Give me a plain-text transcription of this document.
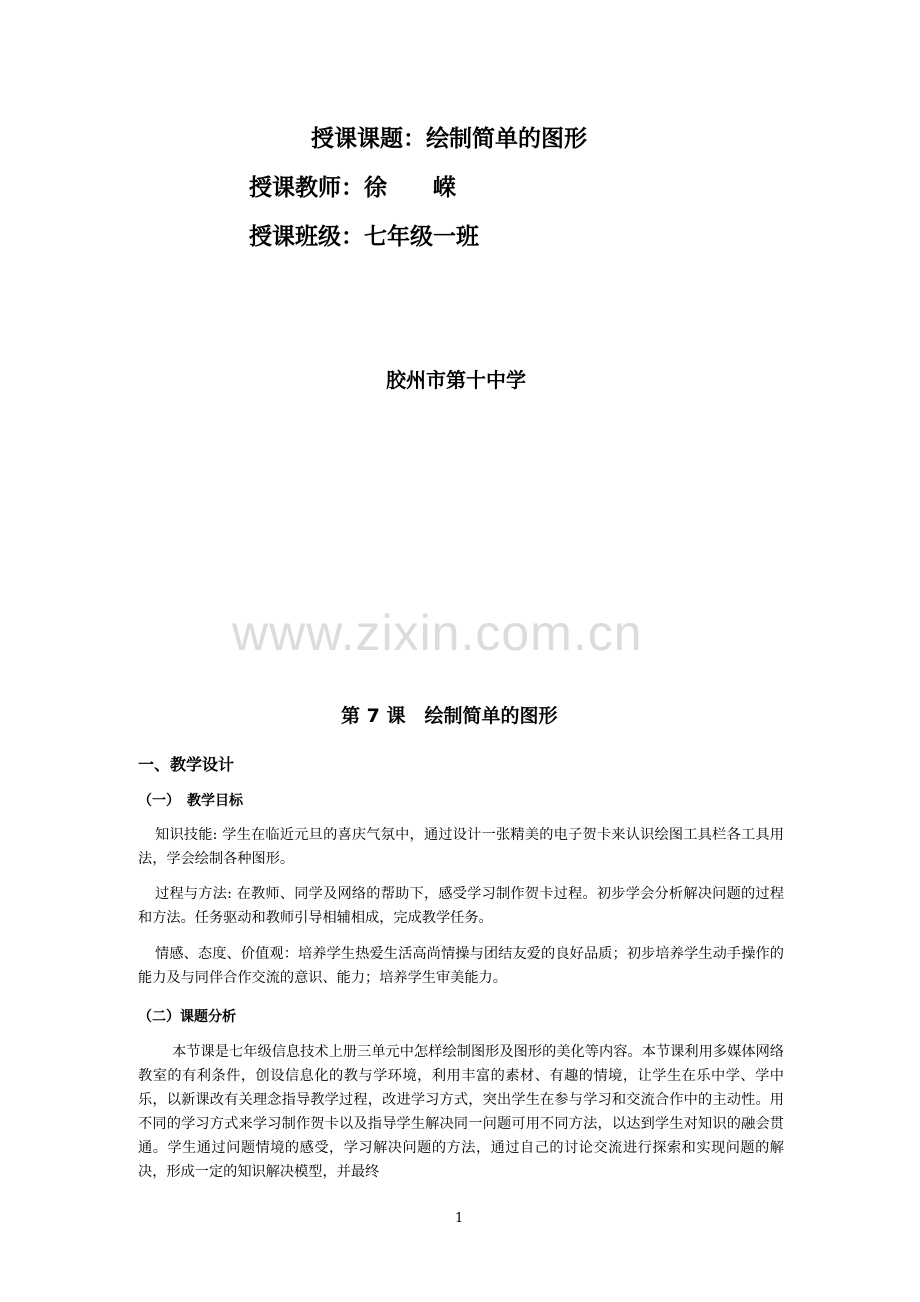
授课课题：绘制简单的图形
授课教师：徐　　嵘
授课班级：七年级一班
胶州市第十中学
www.zixin.com.cn
第 7 课　绘制简单的图形
一、教学设计
（一）　教学目标
知识技能: 学生在临近元旦的喜庆气氛中，通过设计一张精美的电子贺卡来认识绘图工具栏各工具用法，学会绘制各种图形。
过程与方法: 在教师、同学及网络的帮助下，感受学习制作贺卡过程。初步学会分析解决问题的过程和方法。任务驱动和教师引导相辅相成，完成教学任务。
情感、态度、价值观：培养学生热爱生活高尚情操与团结友爱的良好品质；初步培养学生动手操作的能力及与同伴合作交流的意识、能力；培养学生审美能力。
（二）课题分析
本节课是七年级信息技术上册三单元中怎样绘制图形及图形的美化等内容。本节课利用多媒体网络教室的有利条件，创设信息化的教与学环境，利用丰富的素材、有趣的情境，让学生在乐中学、学中乐，以新课改有关理念指导教学过程，改进学习方式，突出学生在参与学习和交流合作中的主动性。用不同的学习方式来学习制作贺卡以及指导学生解决同一问题可用不同方法，以达到学生对知识的融会贯通。学生通过问题情境的感受，学习解决问题的方法，通过自己的讨论交流进行探索和实现问题的解决，形成一定的知识解决模型，并最终
1
